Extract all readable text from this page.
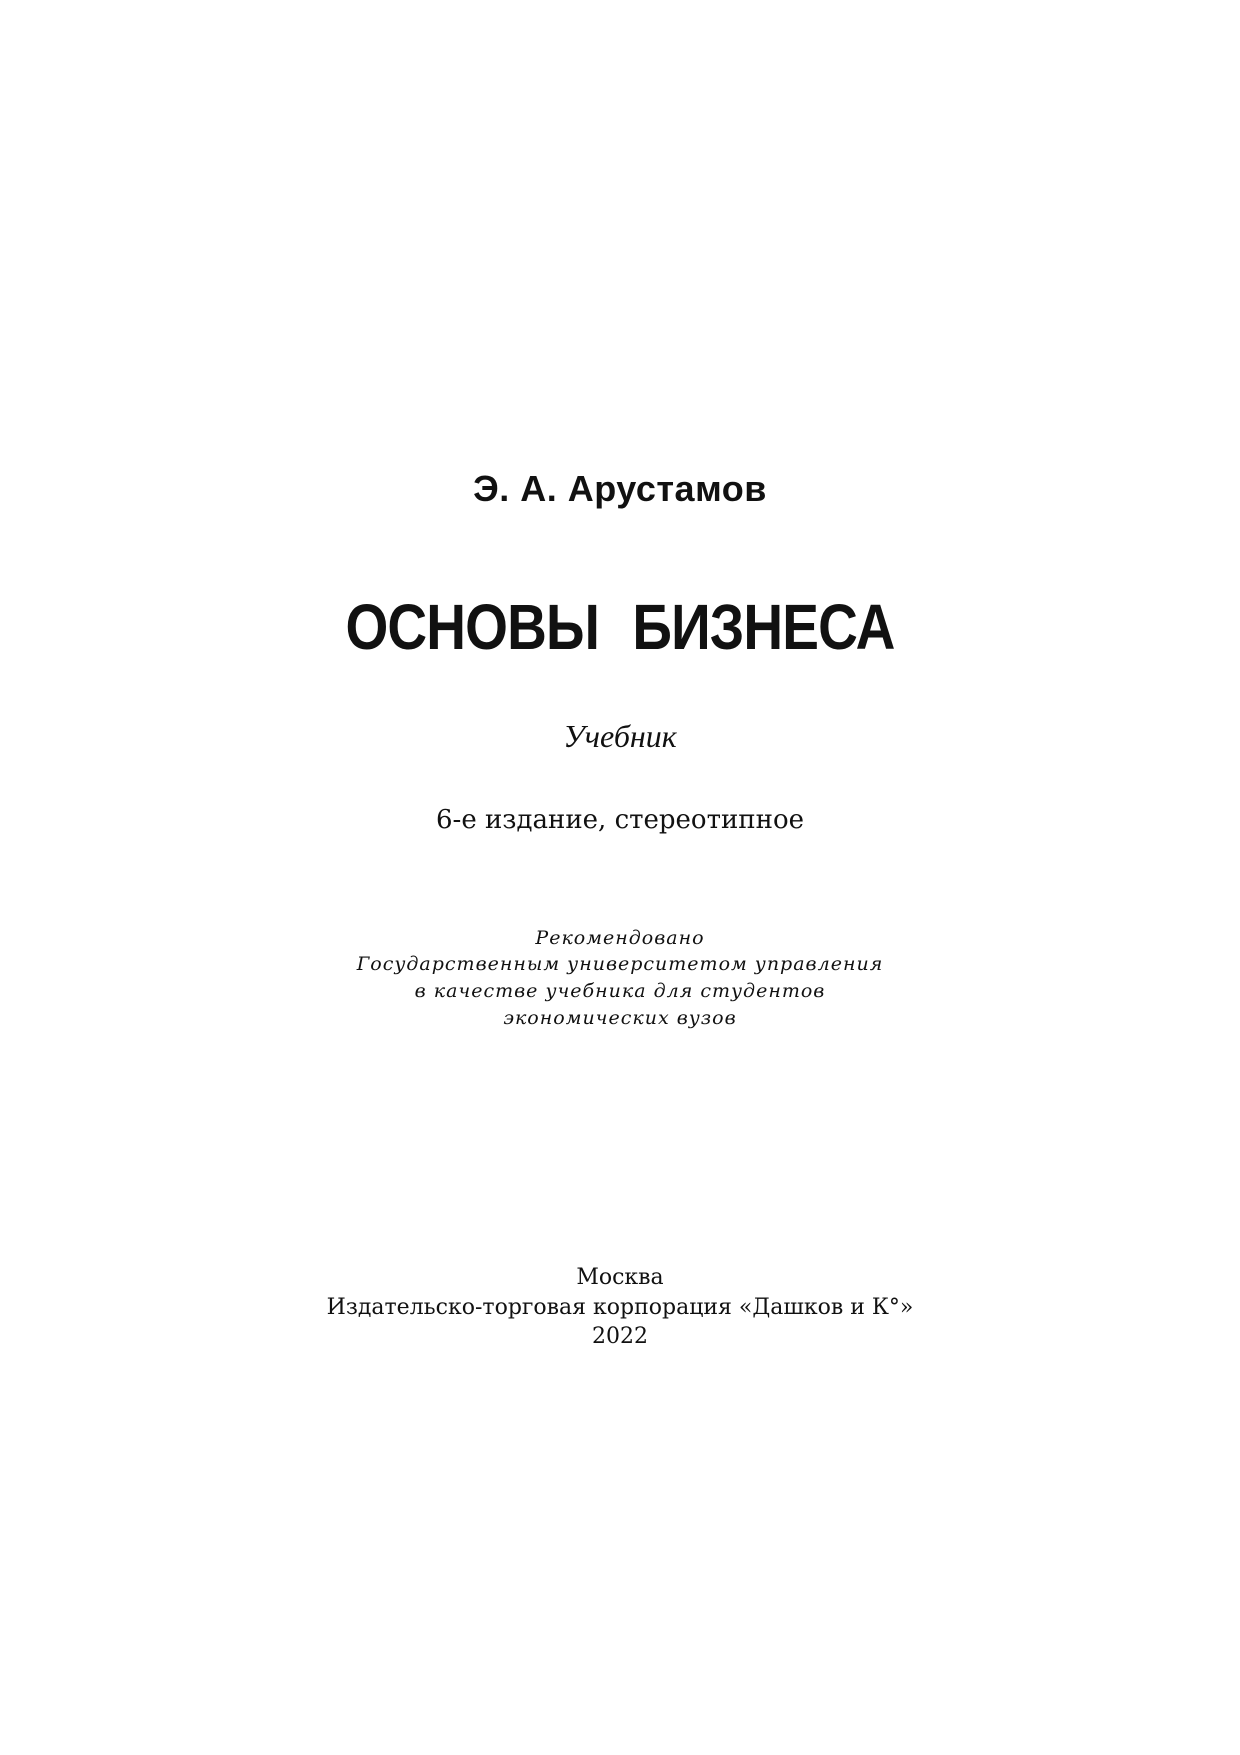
Э. А. Арустамов
ОСНОВЫ БИЗНЕСА
Учебник
6-е издание, стереотипное
Рекомендовано
Государственным университетом управления
в качестве учебника для студентов
экономических вузов
Москва
Издательско-торговая корпорация «Дашков и К°»
2022
